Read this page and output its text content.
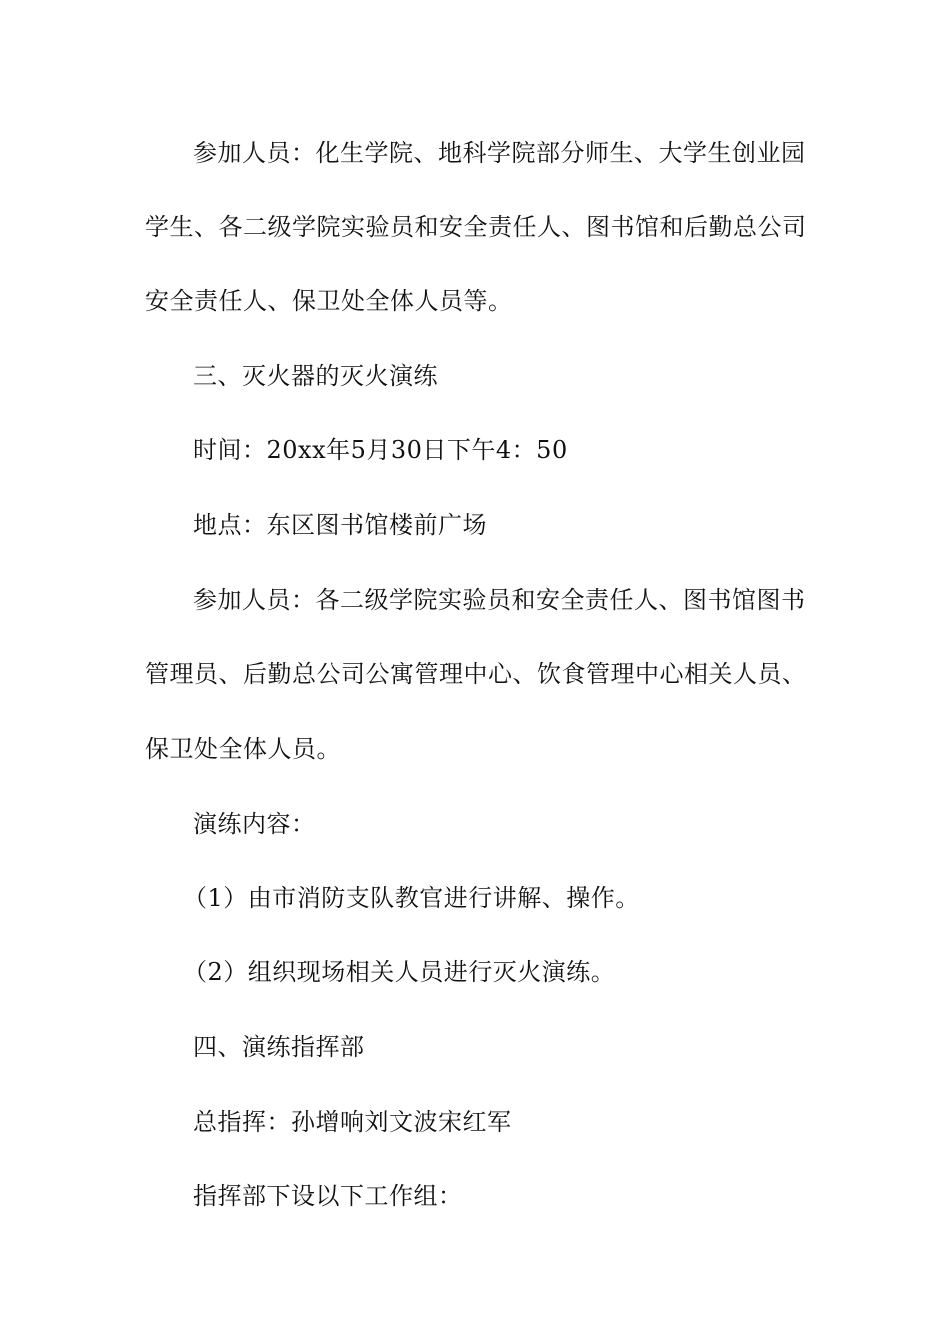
参加人员：化生学院、地科学院部分师生、大学生创业园
学生、各二级学院实验员和安全责任人、图书馆和后勤总公司
安全责任人、保卫处全体人员等。
三、灭火器的灭火演练
时间：20xx年5月30日下午4：50
地点：东区图书馆楼前广场
参加人员：各二级学院实验员和安全责任人、图书馆图书
管理员、后勤总公司公寓管理中心、饮食管理中心相关人员、
保卫处全体人员。
演练内容：
（1）由市消防支队教官进行讲解、操作。
（2）组织现场相关人员进行灭火演练。
四、演练指挥部
总指挥：孙增响刘文波宋红军
指挥部下设以下工作组：
